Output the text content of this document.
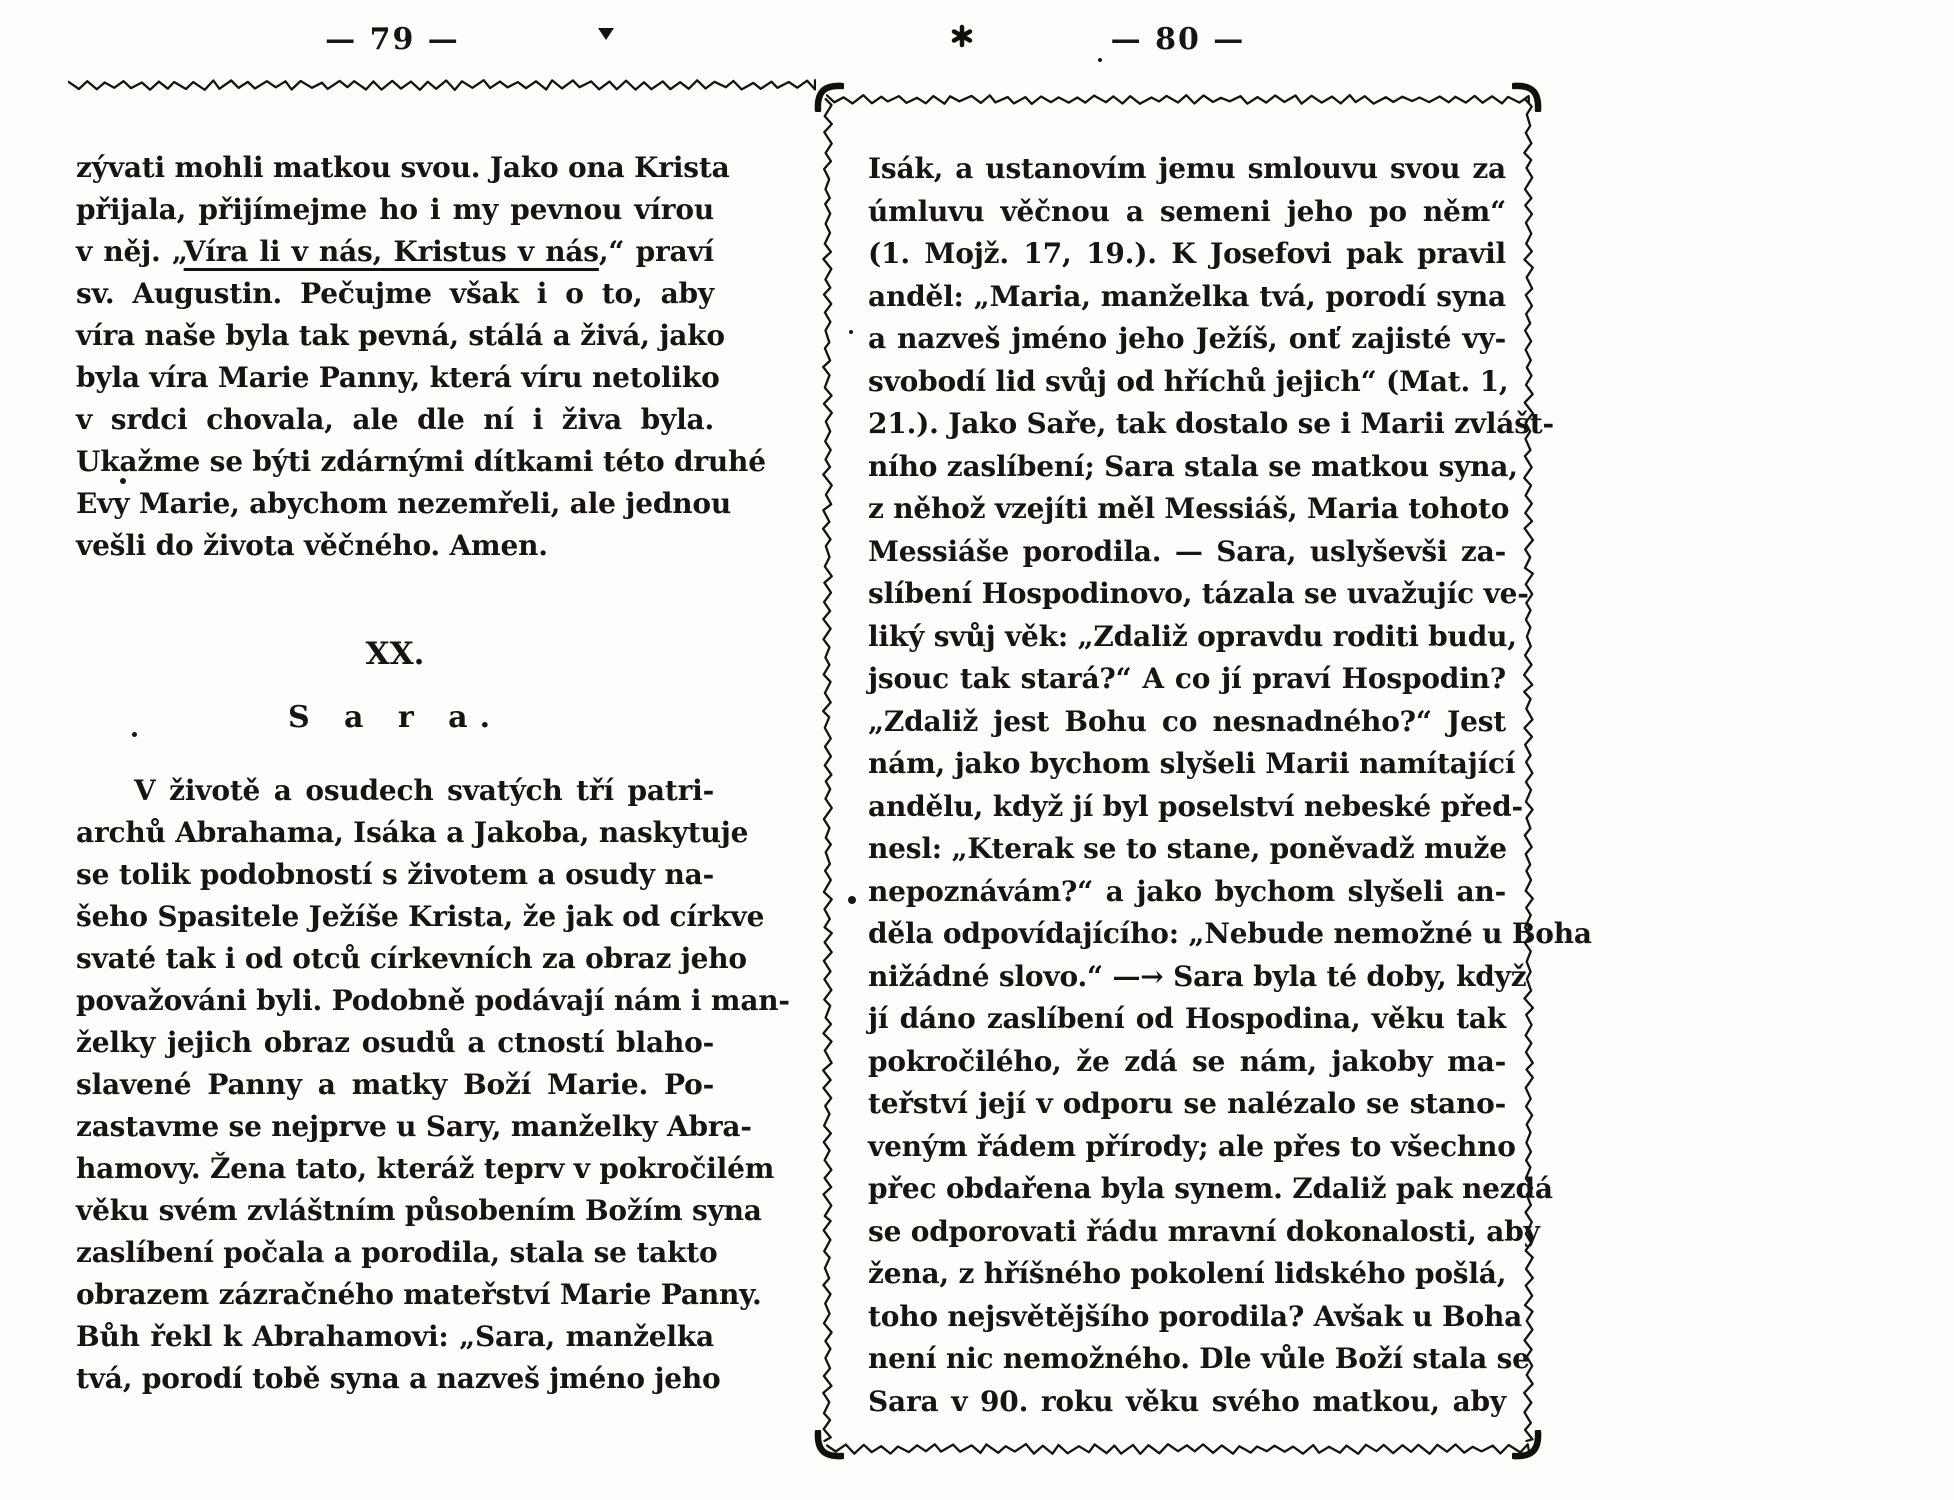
— 79 —
zývati mohli matkou svou. Jako ona Krista
přijala, přijímejme ho i my pevnou vírou
v něj. „Víra li v nás, Kristus v nás,“ praví
sv. Augustin. Pečujme však i o to, aby
víra naše byla tak pevná, stálá a živá, jako
byla víra Marie Panny, která víru netoliko
v srdci chovala, ale dle ní i živa byla.
Ukažme se býti zdárnými dítkami této druhé
Evy Marie, abychom nezemřeli, ale jednou
vešli do života věčného. Amen.
XX.
S a r a.
V životě a osudech svatých tří patri-
archů Abrahama, Isáka a Jakoba, naskytuje
se tolik podobností s životem a osudy na-
šeho Spasitele Ježíše Krista, že jak od církve
svaté tak i od otců církevních za obraz jeho
považováni byli. Podobně podávají nám i man-
želky jejich obraz osudů a ctností blaho-
slavené Panny a matky Boží Marie. Po-
zastavme se nejprve u Sary, manželky Abra-
hamovy. Žena tato, kteráž teprv v pokročilém
věku svém zvláštním působením Božím syna
zaslíbení počala a porodila, stala se takto
obrazem zázračného mateřství Marie Panny.
Bůh řekl k Abrahamovi: „Sara, manželka
tvá, porodí tobě syna a nazveš jméno jeho
— 80 —
Isák, a ustanovím jemu smlouvu svou za
úmluvu věčnou a semeni jeho po něm“
(1. Mojž. 17, 19.). K Josefovi pak pravil
anděl: „Maria, manželka tvá, porodí syna
a nazveš jméno jeho Ježíš, onť zajisté vy-
svobodí lid svůj od hříchů jejich“ (Mat. 1,
21.). Jako Saře, tak dostalo se i Marii zvlášt-
ního zaslíbení; Sara stala se matkou syna,
z něhož vzejíti měl Messiáš, Maria tohoto
Messiáše porodila. — Sara, uslyševši za-
slíbení Hospodinovo, tázala se uvažujíc ve-
liký svůj věk: „Zdaliž opravdu roditi budu,
jsouc tak stará?“ A co jí praví Hospodin?
„Zdaliž jest Bohu co nesnadného?“ Jest
nám, jako bychom slyšeli Marii namítající
andělu, když jí byl poselství nebeské před-
nesl: „Kterak se to stane, poněvadž muže
nepoznávám?“ a jako bychom slyšeli an-
děla odpovídajícího: „Nebude nemožné u Boha
nižádné slovo.“ —→ Sara byla té doby, když
jí dáno zaslíbení od Hospodina, věku tak
pokročilého, že zdá se nám, jakoby ma-
teřství její v odporu se nalézalo se stano-
veným řádem přírody; ale přes to všechno
přec obdařena byla synem. Zdaliž pak nezdá
se odporovati řádu mravní dokonalosti, aby
žena, z hříšného pokolení lidského pošlá,
toho nejsvětějšího porodila? Avšak u Boha
není nic nemožného. Dle vůle Boží stala se
Sara v 90. roku věku svého matkou, aby
